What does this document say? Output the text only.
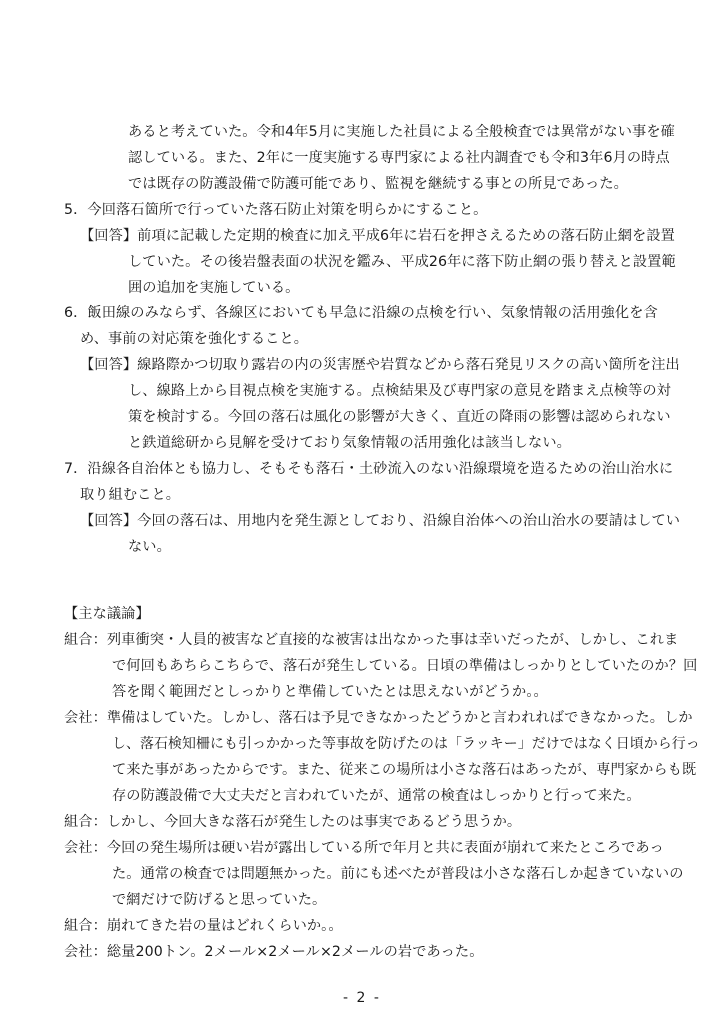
あると考えていた。令和4年5月に実施した社員による全般検査では異常がない事を確
認している。また、2年に一度実施する専門家による社内調査でも令和3年6月の時点
では既存の防護設備で防護可能であり、監視を継続する事との所見であった。
5．今回落石箇所で行っていた落石防止対策を明らかにすること。
【回答】前項に記載した定期的検査に加え平成6年に岩石を押さえるための落石防止網を設置
していた。その後岩盤表面の状況を鑑み、平成26年に落下防止網の張り替えと設置範
囲の追加を実施している。
6．飯田線のみならず、各線区においても早急に沿線の点検を行い、気象情報の活用強化を含
め、事前の対応策を強化すること。
【回答】線路際かつ切取り露岩の内の災害歴や岩質などから落石発見リスクの高い箇所を注出
し、線路上から目視点検を実施する。点検結果及び専門家の意見を踏まえ点検等の対
策を検討する。今回の落石は風化の影響が大きく、直近の降雨の影響は認められない
と鉄道総研から見解を受けており気象情報の活用強化は該当しない。
7．沿線各自治体とも協力し、そもそも落石・土砂流入のない沿線環境を造るための治山治水に
取り組むこと。
【回答】今回の落石は、用地内を発生源としており、沿線自治体への治山治水の要請はしてい
ない。
【主な議論】
組合：列車衝突・人員的被害など直接的な被害は出なかった事は幸いだったが、しかし、これま
で何回もあちらこちらで、落石が発生している。日頃の準備はしっかりとしていたのか？回
答を聞く範囲だとしっかりと準備していたとは思えないがどうか。。
会社：準備はしていた。しかし、落石は予見できなかったどうかと言われればできなかった。しか
し、落石検知柵にも引っかかった等事故を防げたのは「ラッキー」だけではなく日頃から行っ
て来た事があったからです。また、従来この場所は小さな落石はあったが、専門家からも既
存の防護設備で大丈夫だと言われていたが、通常の検査はしっかりと行って来た。
組合：しかし、今回大きな落石が発生したのは事実であるどう思うか。
会社：今回の発生場所は硬い岩が露出している所で年月と共に表面が崩れて来たところであっ
た。通常の検査では問題無かった。前にも述べたが普段は小さな落石しか起きていないの
で網だけで防げると思っていた。
組合：崩れてきた岩の量はどれくらいか。。
会社：総量200トン。2メール×2メール×2メールの岩であった。
- 2 -
